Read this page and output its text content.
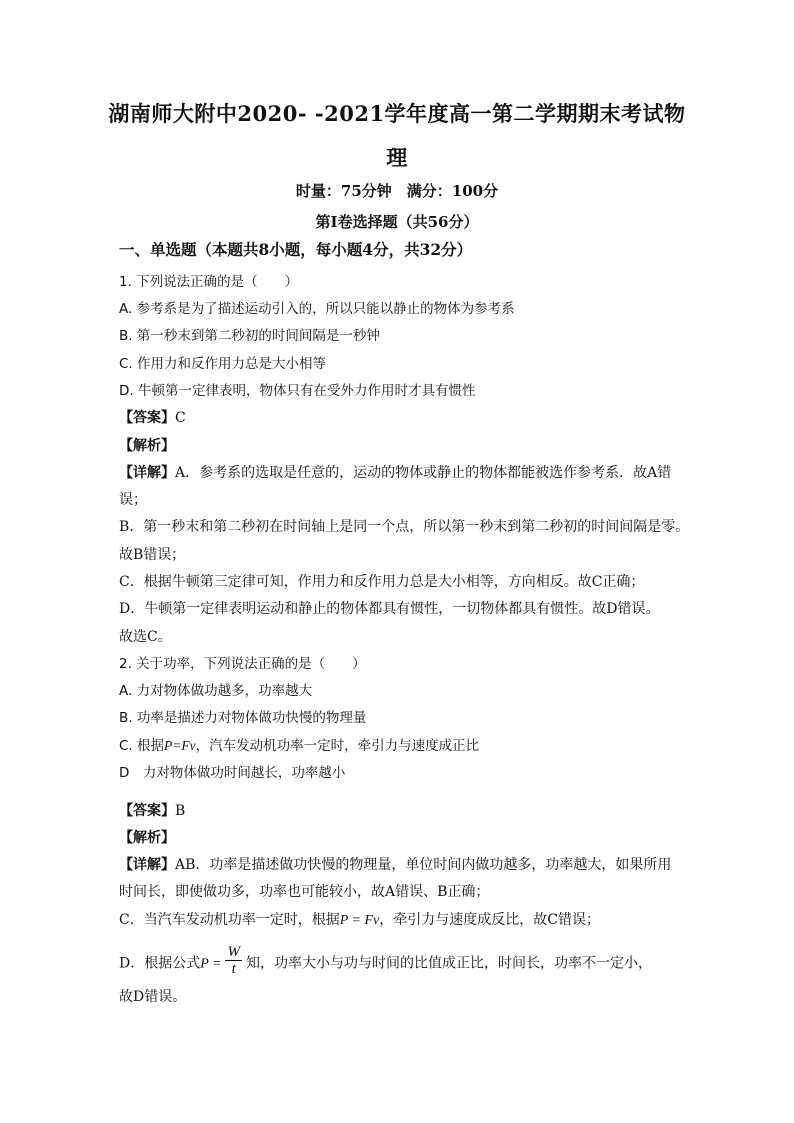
湖南师大附中2020- -2021学年度高一第二学期期末考试物
理
时量：75分钟　满分：100分
第Ⅰ卷选择题（共56分）
一、单选题（本题共8小题，每小题4分，共32分）
1. 下列说法正确的是（　　）
A. 参考系是为了描述运动引入的，所以只能以静止的物体为参考系
B. 第一秒末到第二秒初的时间间隔是一秒钟
C. 作用力和反作用力总是大小相等
D. 牛顿第一定律表明，物体只有在受外力作用时才具有惯性
【答案】C
【解析】
【详解】A．参考系的选取是任意的，运动的物体或静止的物体都能被选作参考系．故A错
误；
B．第一秒末和第二秒初在时间轴上是同一个点，所以第一秒末到第二秒初的时间间隔是零。
故B错误；
C．根据牛顿第三定律可知，作用力和反作用力总是大小相等，方向相反。故C正确；
D．牛顿第一定律表明运动和静止的物体都具有惯性，一切物体都具有惯性。故D错误。
故选C。
2. 关于功率，下列说法正确的是（　　）
A. 力对物体做功越多，功率越大
B. 功率是描述力对物体做功快慢的物理量
C. 根据P=Fv，汽车发动机功率一定时，牵引力与速度成正比
D　力对物体做功时间越长，功率越小
【答案】B
【解析】
【详解】AB．功率是描述做功快慢的物理量，单位时间内做功越多，功率越大，如果所用
时间长，即使做功多，功率也可能较小，故A错误、B正确；
C．当汽车发动机功率一定时，根据P = Fv，牵引力与速度成反比，故C错误；
D．根据公式$P = \frac{W}{t}$ 知，功率大小与功与时间的比值成正比，时间长，功率不一定小，
故D错误。
